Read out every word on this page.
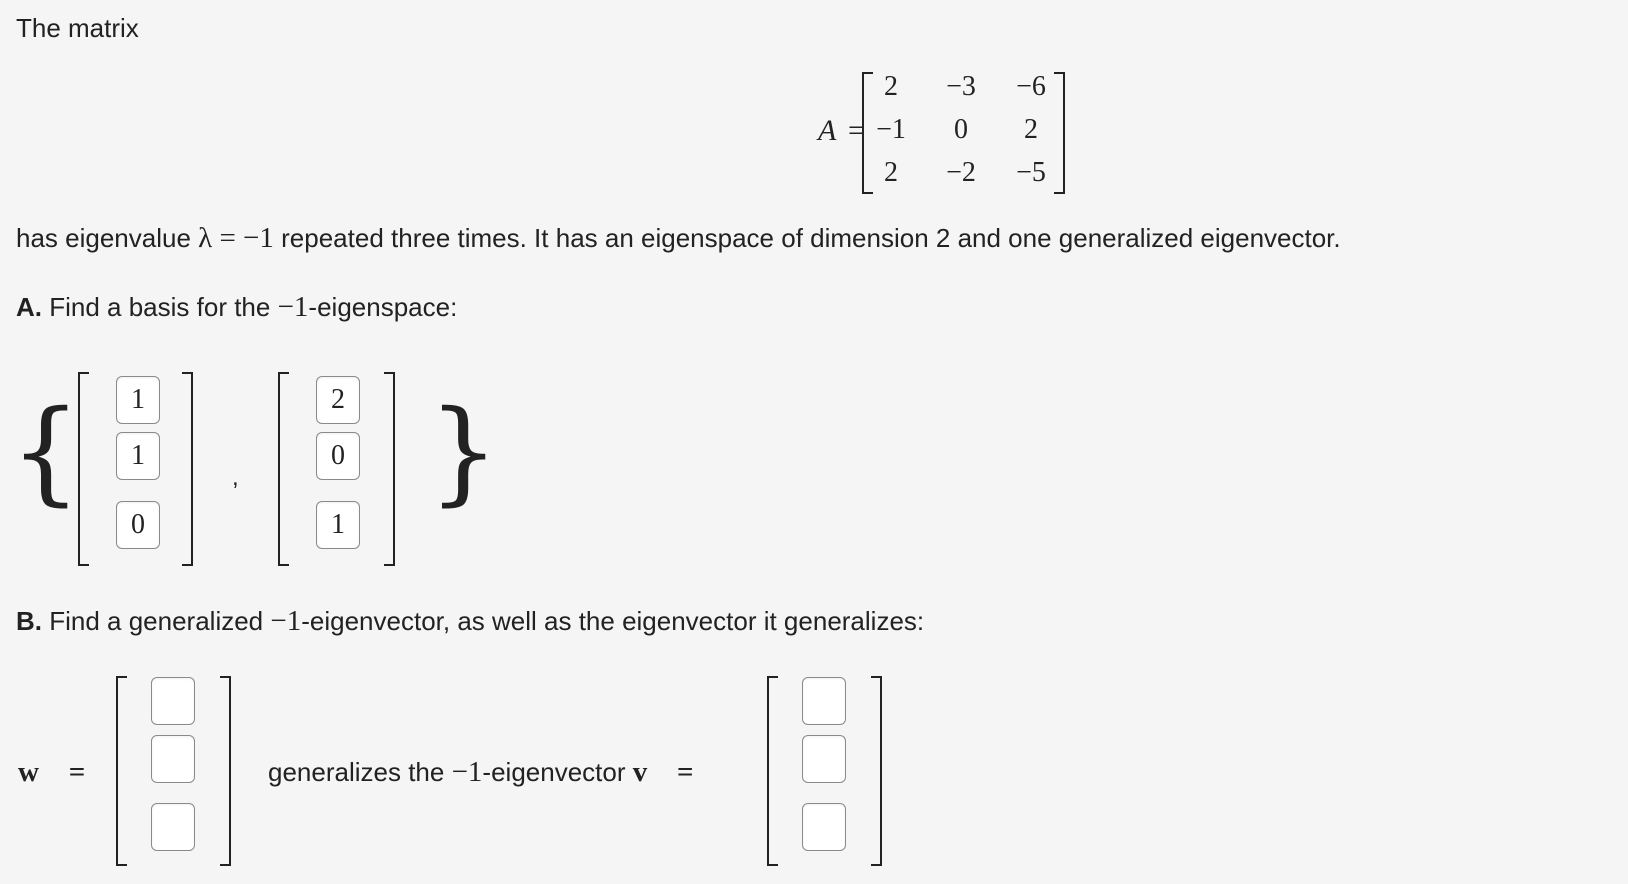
The matrix
A =
2	−3	−6
−1	0	2
2	−2	−5
has eigenvalue λ = −1 repeated three times. It has an eigenspace of dimension 2 and one generalized eigenvector.
A. Find a basis for the −1-eigenspace:
{	1
1
0
,
2
0
1
}
B. Find a generalized −1-eigenvector, as well as the eigenvector it generalizes:
w⃗ =	generalizes the −1-eigenvector v⃗ =
